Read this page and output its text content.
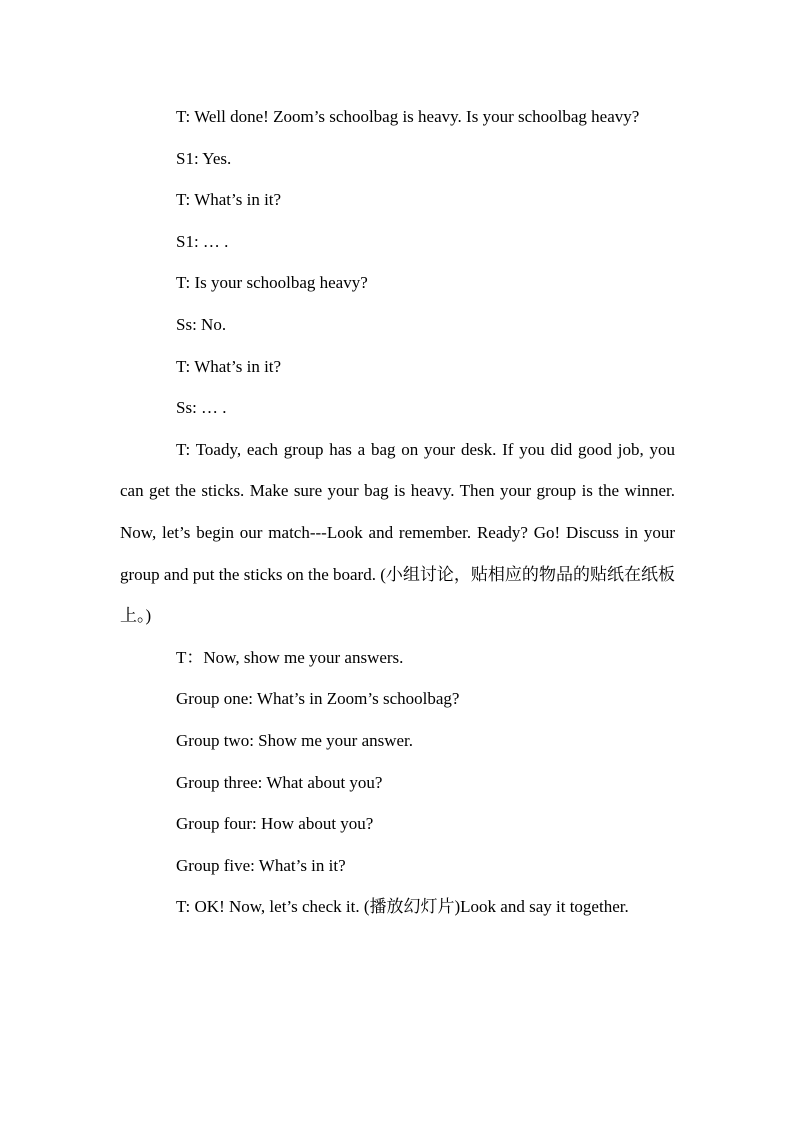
T: Well done! Zoom’s schoolbag is heavy. Is your schoolbag heavy?

S1: Yes.

T: What’s in it?

S1: … .

T: Is your schoolbag heavy?

Ss: No.

T: What’s in it?

Ss: … .

T: Toady, each group has a bag on your desk. If you did good job, you can get the sticks. Make sure your bag is heavy. Then your group is the winner. Now, let’s begin our match---Look and remember. Ready? Go! Discuss in your group and put the sticks on the board. (小组讨论，贴相应的物品的贴纸在纸板上。)

T：Now, show me your answers.

Group one: What’s in Zoom’s schoolbag?

Group two: Show me your answer.

Group three: What about you?

Group four: How about you?

Group five: What’s in it?

T: OK! Now, let’s check it. (播放幻灯片)Look and say it together.
